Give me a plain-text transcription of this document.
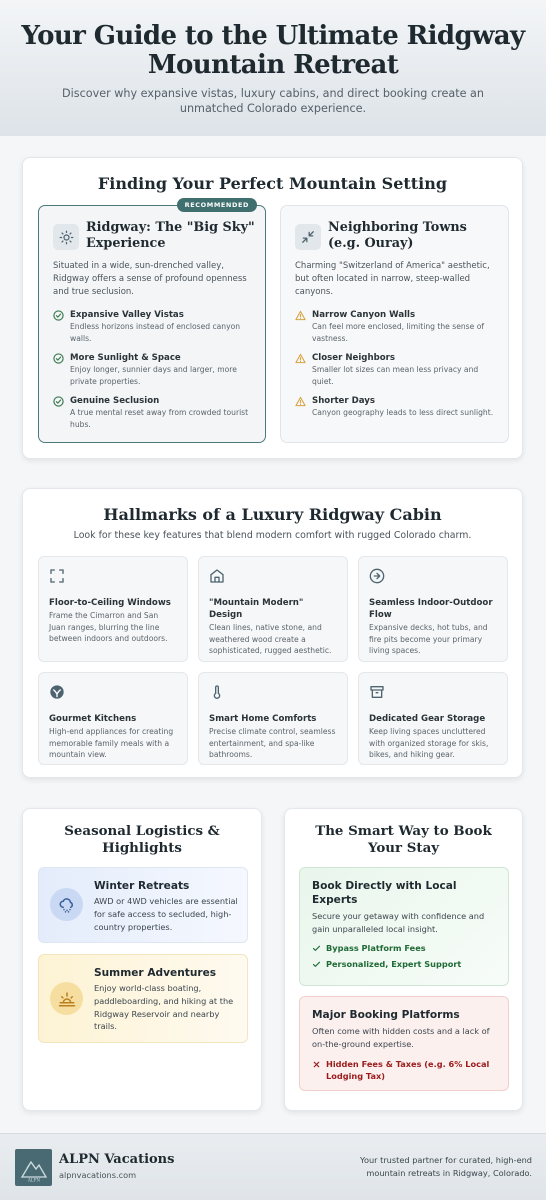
Your Guide to the Ultimate Ridgway Mountain Retreat

Discover why expansive vistas, luxury cabins, and direct booking create an unmatched Colorado experience.

Finding Your Perfect Mountain Setting
RECOMMENDED
Ridgway: The "Big Sky" Experience

Situated in a wide, sun-drenched valley, Ridgway offers a sense of profound openness and true seclusion.

Expansive Valley Vistas
Endless horizons instead of enclosed canyon walls.
More Sunlight & Space
Enjoy longer, sunnier days and larger, more private properties.
Genuine Seclusion
A true mental reset away from crowded tourist hubs.
Neighboring Towns (e.g. Ouray)

Charming "Switzerland of America" aesthetic, but often located in narrow, steep-walled canyons.

Narrow Canyon Walls
Can feel more enclosed, limiting the sense of vastness.
Closer Neighbors
Smaller lot sizes can mean less privacy and quiet.
Shorter Days
Canyon geography leads to less direct sunlight.
Hallmarks of a Luxury Ridgway Cabin

Look for these key features that blend modern comfort with rugged Colorado charm.

Floor-to-Ceiling Windows
Frame the Cimarron and San Juan ranges, blurring the line between indoors and outdoors.
"Mountain Modern" Design
Clean lines, native stone, and weathered wood create a sophisticated, rugged aesthetic.
Seamless Indoor-Outdoor Flow
Expansive decks, hot tubs, and fire pits become your primary living spaces.
Gourmet Kitchens
High-end appliances for creating memorable family meals with a mountain view.
Smart Home Comforts
Precise climate control, seamless entertainment, and spa-like bathrooms.
Dedicated Gear Storage
Keep living spaces uncluttered with organized storage for skis, bikes, and hiking gear.
Seasonal Logistics & Highlights
Winter Retreats
AWD or 4WD vehicles are essential for safe access to secluded, high-country properties.
Summer Adventures
Enjoy world-class boating, paddleboarding, and hiking at the Ridgway Reservoir and nearby trails.
The Smart Way to Book Your Stay
Book Directly with Local Experts
Secure your getaway with confidence and gain unparalleled local insight.
Bypass Platform Fees
Personalized, Expert Support
Major Booking Platforms
Often come with hidden costs and a lack of on-the-ground expertise.
Hidden Fees & Taxes (e.g. 6% Local Lodging Tax)
ALPN
ALPN Vacations
alpnvacations.com
Your trusted partner for curated, high-end mountain retreats in Ridgway, Colorado.
